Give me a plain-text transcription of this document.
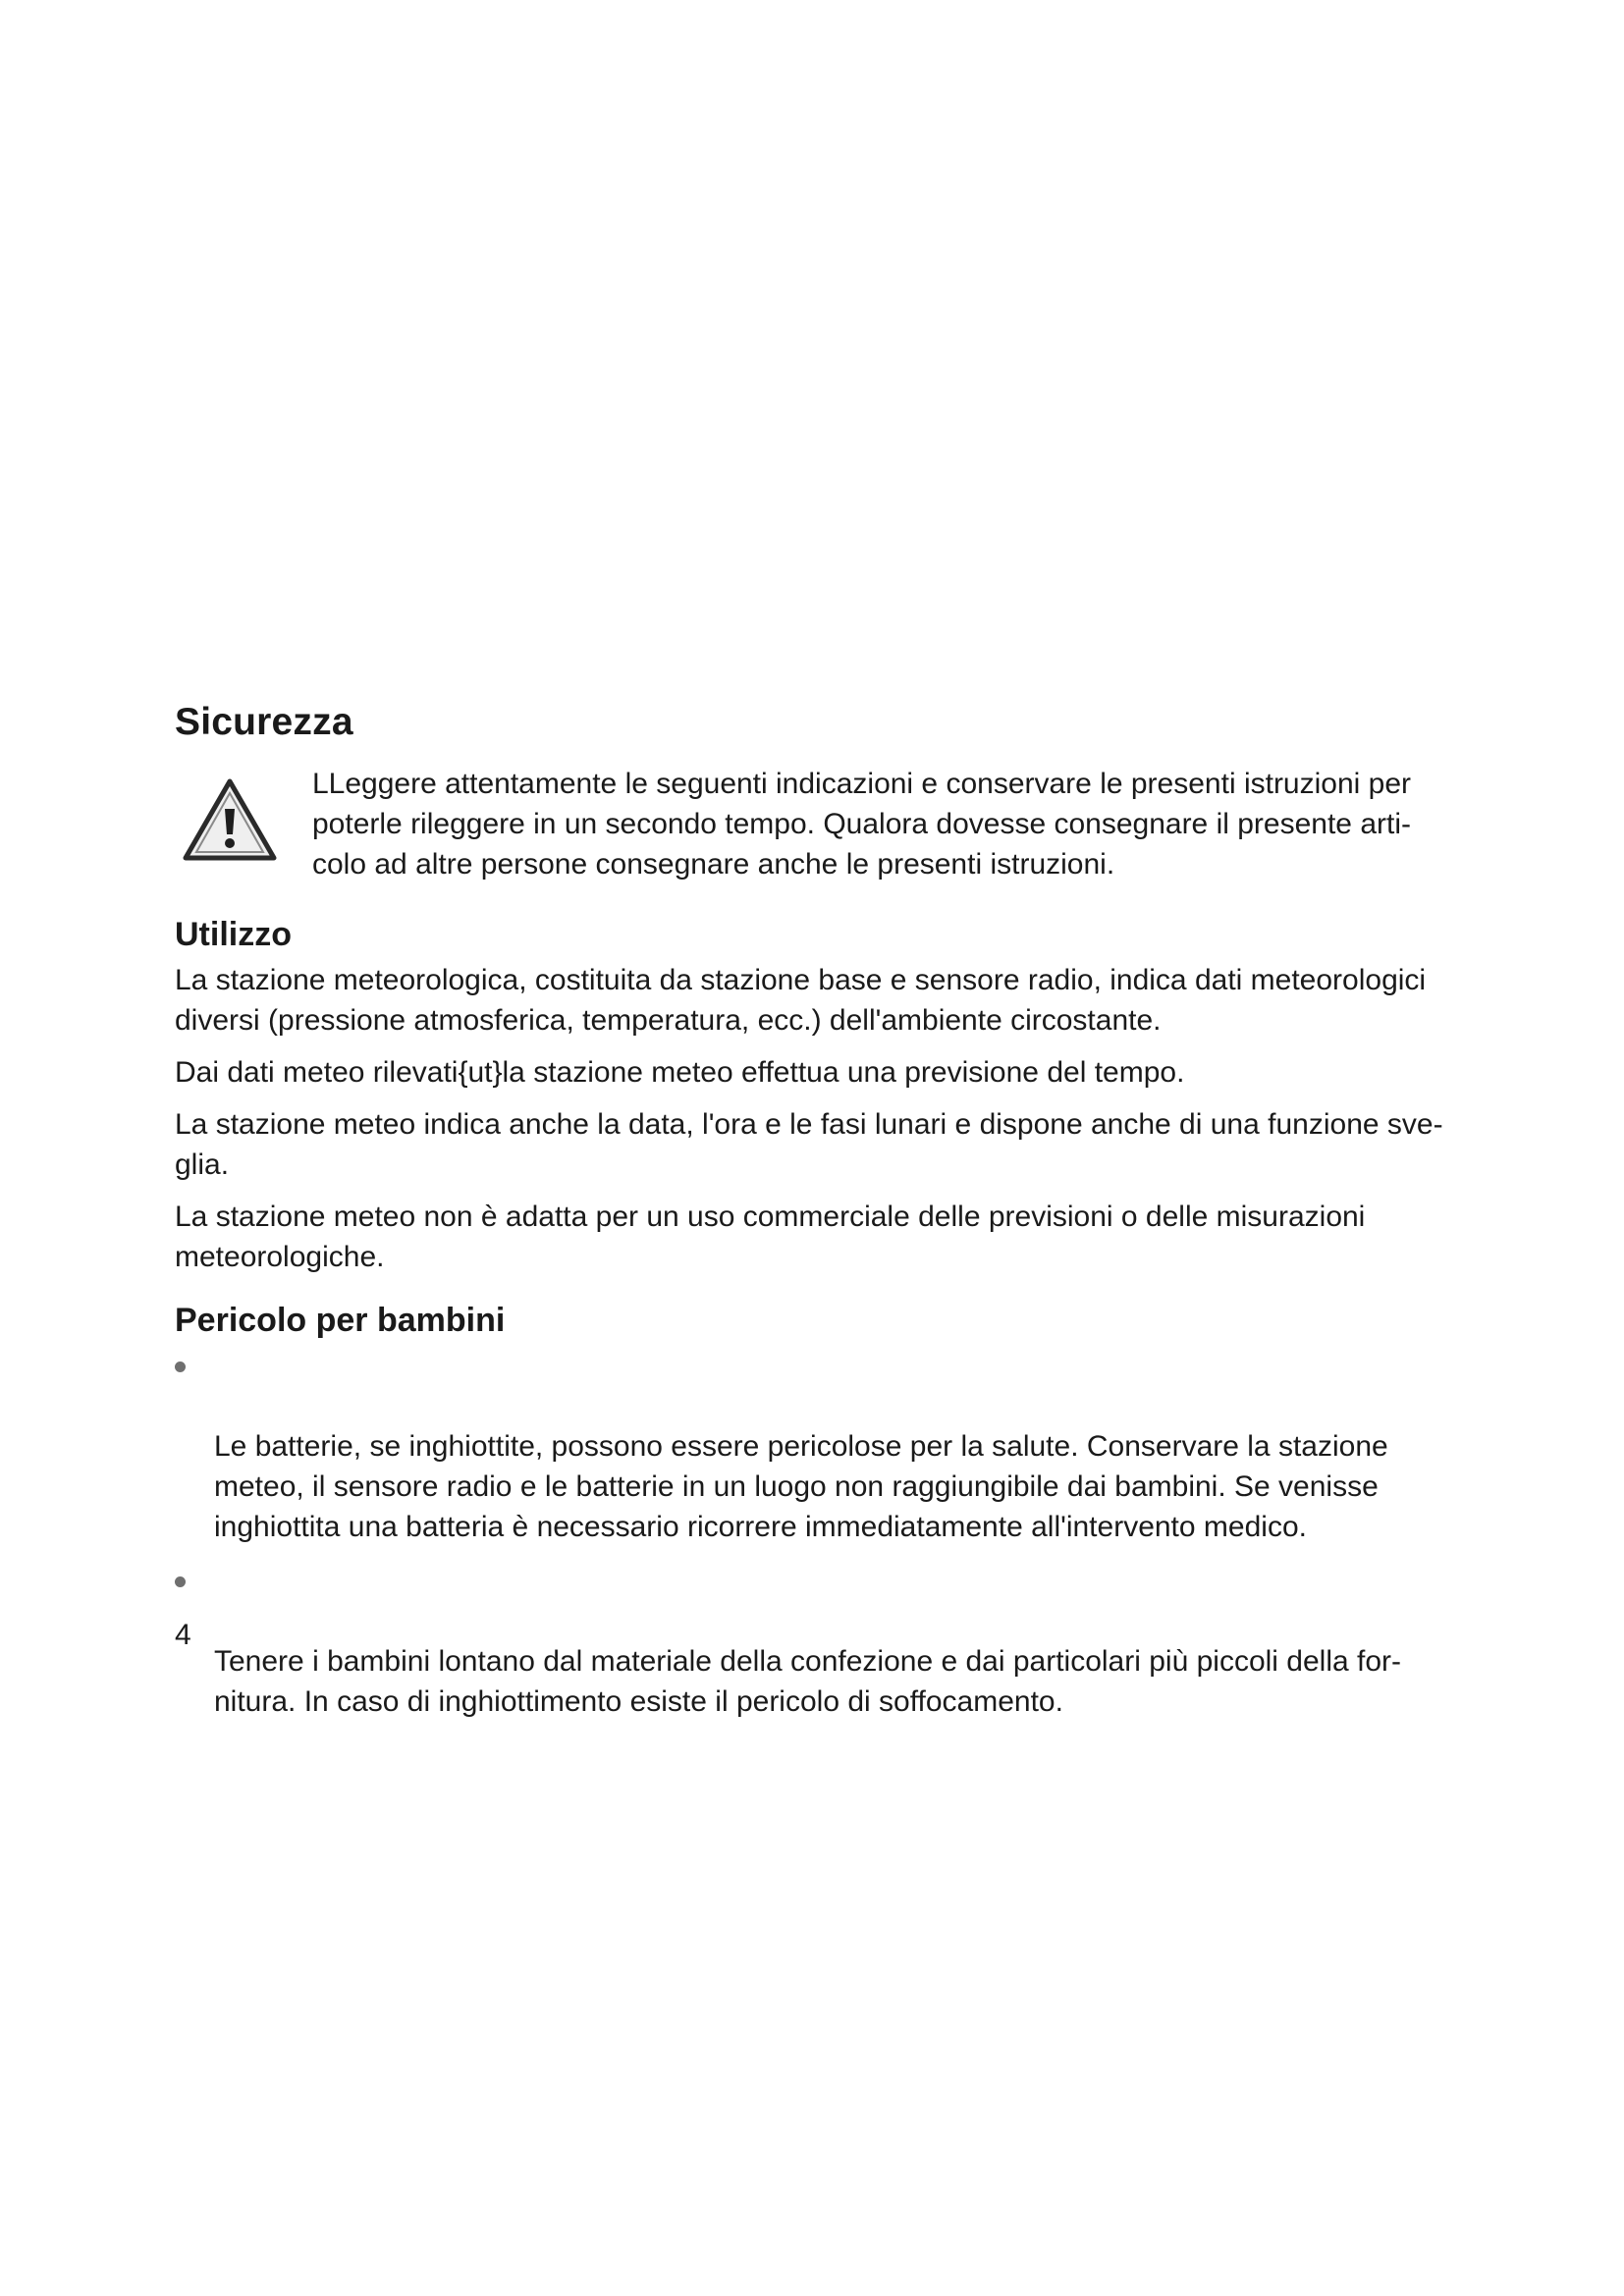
Sicurezza

LLeggere attentamente le seguenti indicazioni e conservare le presenti istruzioni per
poterle rileggere in un secondo tempo. Qualora dovesse consegnare il presente arti-
colo ad altre persone consegnare anche le presenti istruzioni.

Utilizzo

La stazione meteorologica, costituita da stazione base e sensore radio, indica dati meteorologici
diversi (pressione atmosferica, temperatura, ecc.) dell'ambiente circostante.

Dai dati meteo rilevati{ut}la stazione meteo effettua una previsione del tempo.

La stazione meteo indica anche la data, l'ora e le fasi lunari e dispone anche di una funzione sve-
glia.

La stazione meteo non è adatta per un uso commerciale delle previsioni o delle misurazioni
meteorologiche.

Pericolo per bambini

Le batterie, se inghiottite, possono essere pericolose per la salute. Conservare la stazione
meteo, il sensore radio e le batterie in un luogo non raggiungibile dai bambini. Se venisse
inghiottita una batteria è necessario ricorrere immediatamente all'intervento medico.

Tenere i bambini lontano dal materiale della confezione e dai particolari più piccoli della for-
nitura. In caso di inghiottimento esiste il pericolo di soffocamento.

4
